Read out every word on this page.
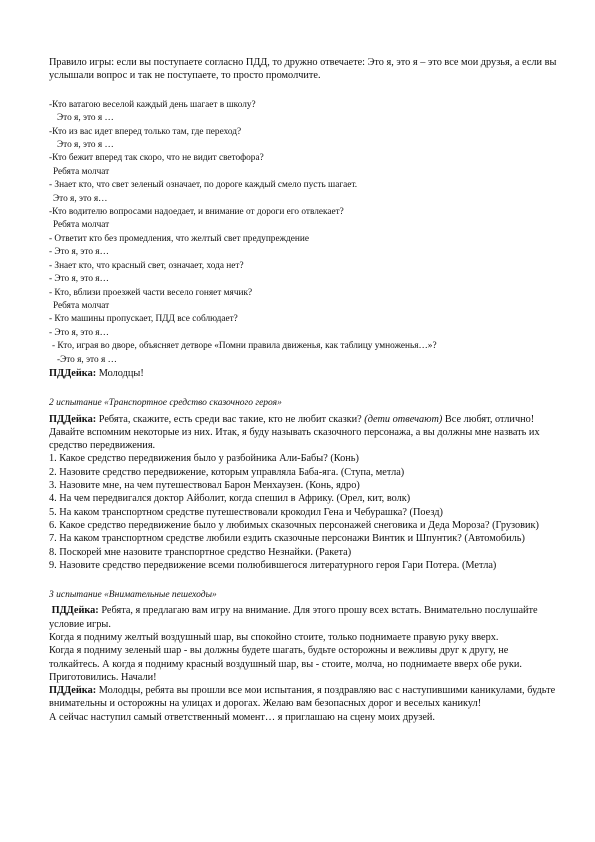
Правило игры: если вы поступаете согласно ПДД, то дружно отвечаете: Это я, это я – это все мои друзья, а если вы услышали вопрос и так не поступаете, то просто промолчите.
-Кто ватагою веселой каждый день шагает в школу?
Это я, это я …
-Кто из вас идет вперед только там, где переход?
Это я, это я …
-Кто бежит вперед так скоро, что не видит светофора?
Ребята молчат
- Знает кто, что свет зеленый означает, по дороге каждый смело пусть шагает.
Это я, это я…
-Кто водителю вопросами надоедает, и внимание от дороги его отвлекает?
Ребята молчат
- Ответит кто без промедления, что желтый свет предупреждение
- Это я, это я…
- Знает кто, что красный свет, означает, хода нет?
- Это я, это я…
- Кто, вблизи проезжей части весело гоняет мячик?
Ребята молчат
- Кто машины пропускает, ПДД все соблюдает?
- Это я, это я…
- Кто, играя во дворе, объясняет детворе «Помни правила движенья, как таблицу умноженья…»?
-Это я, это я …
ПДДейка: Молодцы!
2 испытание «Транспортное средство сказочного героя»

ПДДейка: Ребята, скажите, есть среди вас такие, кто не любит сказки? (дети отвечают) Все любят, отлично! Давайте вспомним некоторые из них. Итак, я буду называть сказочного персонажа, а вы должны мне назвать их средство передвижения.

1. Какое средство передвижения было у разбойника Али-Бабы? (Конь)

2. Назовите средство передвижение, которым управляла Баба-яга. (Ступа, метла)

3. Назовите мне, на чем путешествовал Барон Менхаузен. (Конь, ядро)

4. На чем передвигался доктор Айболит, когда спешил в Африку. (Орел, кит, волк)

5. На каком транспортном средстве путешествовали крокодил Гена и Чебурашка? (Поезд)

6. Какое средство передвижение было у любимых сказочных персонажей снеговика и Деда Мороза? (Грузовик)

7. На каком транспортном средстве любили ездить сказочные персонажи Винтик и Шпунтик? (Автомобиль)

8. Поскорей мне назовите транспортное средство Незнайки. (Ракета)

9. Назовите средство передвижение всеми полюбившегося литературного героя Гари Потера. (Метла)

3 испытание «Внимательные пешеходы»

ПДДейка: Ребята, я предлагаю вам игру на внимание. Для этого прошу всех встать. Внимательно послушайте условие игры.

Когда я подниму желтый воздушный шар, вы спокойно стоите, только поднимаете правую руку вверх.

Когда я подниму зеленый шар - вы должны будете шагать, будьте осторожны и вежливы друг к другу, не толкайтесь. А когда я подниму красный воздушный шар, вы - стоите, молча, но поднимаете вверх обе руки. Приготовились. Начали!

ПДДейка: Молодцы, ребята вы прошли все мои испытания, я поздравляю вас с наступившими каникулами, будьте внимательны и осторожны на улицах и дорогах. Желаю вам безопасных дорог и веселых каникул!

А сейчас наступил самый ответственный момент… я приглашаю на сцену моих друзей.
